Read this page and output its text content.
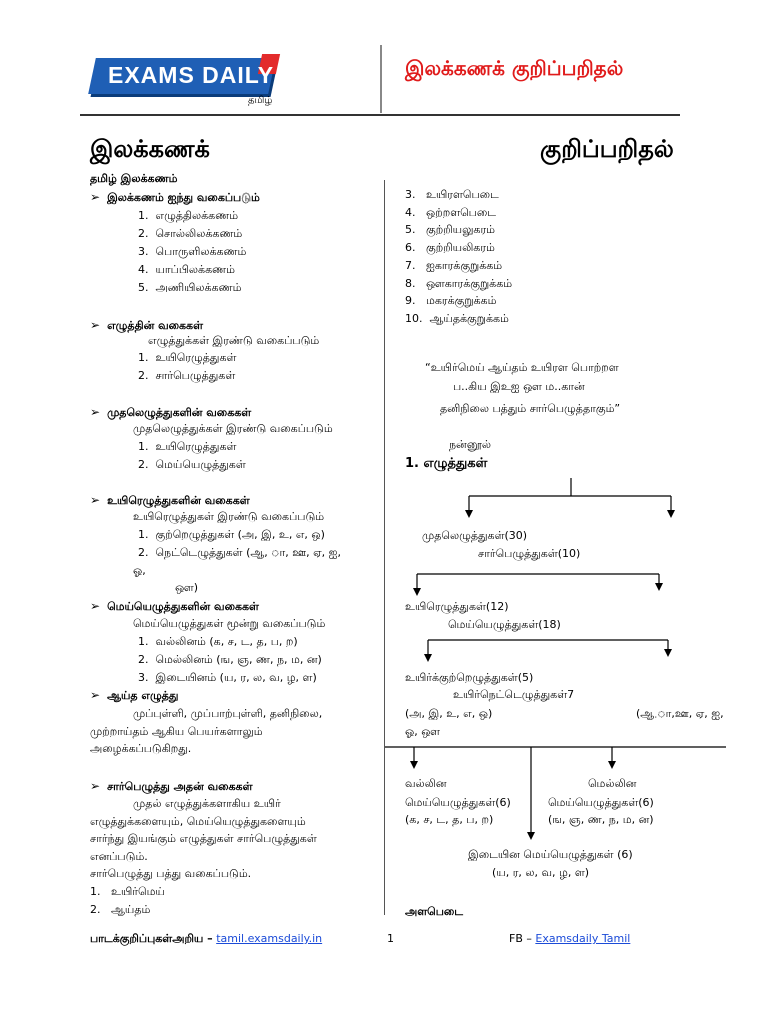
EXAMS DAILY
தமிழ்
இலக்கணக் குறிப்பறிதல்
இலக்கணக்	குறிப்பறிதல்
தமிழ் இலக்கணம்
➢ இலக்கணம் ஐந்து வகைப்படும்
1.  எழுத்திலக்கணம்
2.  சொல்லிலக்கணம்
3.  பொருளிலக்கணம்
4.  யாப்பிலக்கணம்
5.  அணியிலக்கணம்
➢ எழுத்தின் வகைகள்
எழுத்துக்கள் இரண்டு வகைப்படும்
1.  உயிரெழுத்துகள்
2.  சார்பெழுத்துகள்
➢ முதலெழுத்துகளின் வகைகள்
முதலெழுத்துக்கள் இரண்டு வகைப்படும்
1.  உயிரெழுத்துகள்
2.  மெய்யெழுத்துகள்
➢ உயிரெழுத்துகளின் வகைகள்
உயிரெழுத்துகள் இரண்டு வகைப்படும்
1.  குற்றெழுத்துகள் (அ, இ, உ, எ, ஒ)
2.  நெட்டெழுத்துகள் (ஆ, ா, ஊ, ஏ, ஐ,
ஓ,
ஔ)
➢ மெய்யெழுத்துகளின் வகைகள்
மெய்யெழுத்துகள் மூன்று வகைப்படும்
1.  வல்லினம் (க, ச, ட, த, ப, ற)
2.  மெல்லினம் (ங, ஞ, ண, ந, ம, ன)
3.  இடையினம் (ய, ர, ல, வ, ழ, ள)
➢ ஆய்த எழுத்து
முப்புள்ளி, முப்பாற்புள்ளி, தனிநிலை,
முற்றாய்தம் ஆகிய பெயர்களாலும்
அழைக்கப்படுகிறது.
➢ சார்பெழுத்து அதன் வகைகள்
முதல் எழுத்துக்களாகிய உயிர்
எழுத்துக்களையும், மெய்யெழுத்துகளையும்
சார்ந்து இயங்கும் எழுத்துகள் சார்பெழுத்துகள்
எனப்படும்.
சார்பெழுத்து பத்து வகைப்படும்.
1.   உயிர்மெய்
2.   ஆய்தம்
3. உயிரளபெடை
4. ஒற்றளபெடை
5. குற்றியலுகரம்
6. குற்றியலிகரம்
7. ஐகாரக்குறுக்கம்
8. ஔகாரக்குறுக்கம்
9. மகரக்குறுக்கம்
10. ஆய்தக்குறுக்கம்
“உயிர்மெய் ஆய்தம் உயிரள பொற்றள
ப..கிய இஉஐ ஔ ம..கான்
தனிநிலை பத்தும் சார்பெழுத்தாகும்”
நன்னூல்
1. எழுத்துகள்
முதலெழுத்துகள்(30)
சார்பெழுத்துகள்(10)
உயிரெழுத்துகள்(12)
மெய்யெழுத்துகள்(18)
உயிர்க்குற்றெழுத்துகள்(5)
உயிர்நெட்டெழுத்துகள்7
(அ, இ, உ, எ, ஒ)	(ஆ,ா,ஊ, ஏ, ஐ,
ஓ, ஔ
வல்லின	மெல்லின
மெய்யெழுத்துகள்(6)	மெய்யெழுத்துகள்(6)
(க, ச, ட, த, ப, ற)	(ங, ஞ, ண, ந, ம, ன)
இடையின மெய்யெழுத்துகள் (6)
(ய, ர, ல, வ, ழ, ள)
அளபெடை
பாடக்குறிப்புகள்அறிய – tamil.examsdaily.in	1	FB – Examsdaily Tamil
